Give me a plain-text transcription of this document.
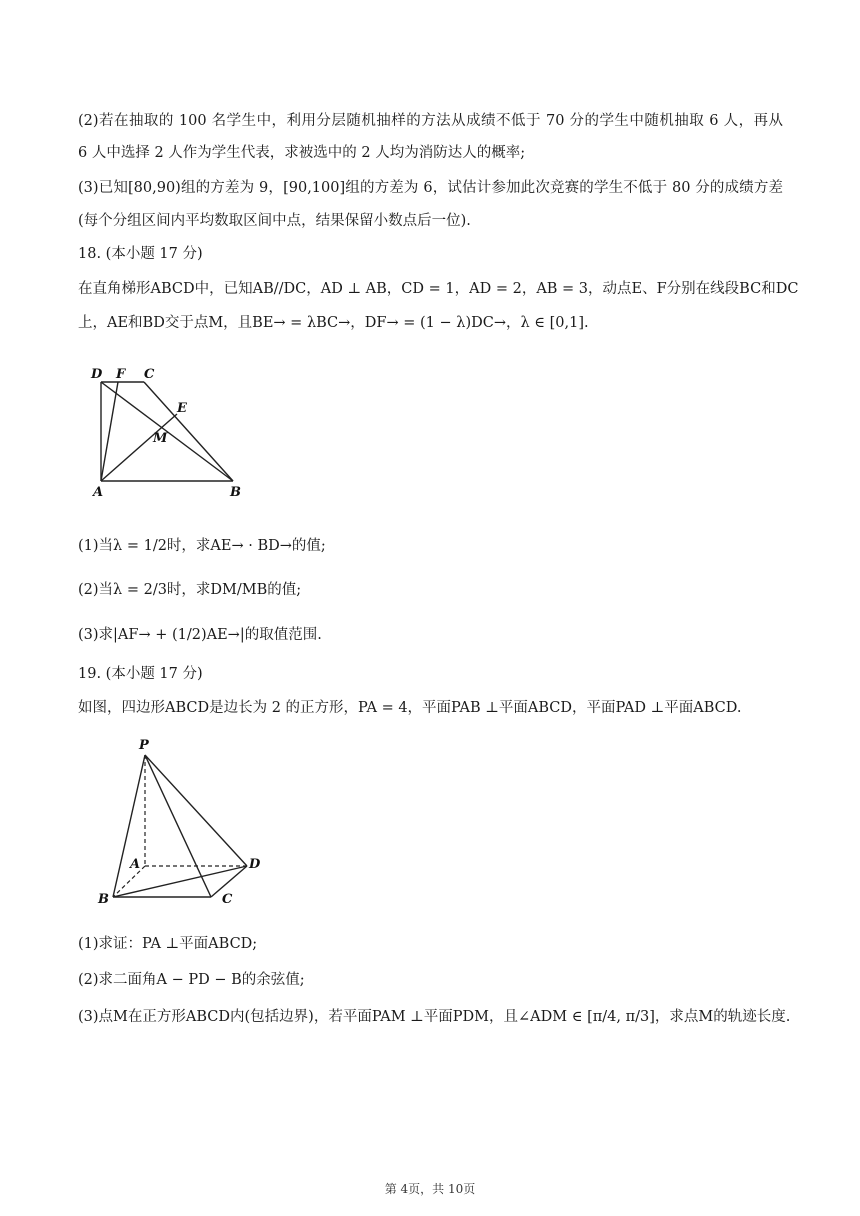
(2)若在抽取的 100 名学生中，利用分层随机抽样的方法从成绩不低于 70 分的学生中随机抽取 6 人，再从
6 人中选择 2 人作为学生代表，求被选中的 2 人均为消防达人的概率;
(3)已知[80,90)组的方差为 9，[90,100]组的方差为 6，试估计参加此次竞赛的学生不低于 80 分的成绩方差
(每个分组区间内平均数取区间中点，结果保留小数点后一位).
18. (本小题 17 分)
在直角梯形ABCD中，已知AB//DC，AD ⊥ AB，CD = 1，AD = 2，AB = 3，动点E、F分别在线段BC和DC
上，AE和BD交于点M，且BE→ = λBC→，DF→ = (1 − λ)DC→，λ ∈ [0,1].
D F C
E
M
A	B
(1)当λ = 1/2时，求AE→ · BD→的值;
(2)当λ = 2/3时，求DM/MB的值;
(3)求|AF→ + (1/2)AE→|的取值范围.
19. (本小题 17 分)
如图，四边形ABCD是边长为 2 的正方形，PA = 4，平面PAB ⊥平面ABCD，平面PAD ⊥平面ABCD.
P
A
B	C
D
(1)求证：PA ⊥平面ABCD;
(2)求二面角A − PD − B的余弦值;
(3)点M在正方形ABCD内(包括边界)，若平面PAM ⊥平面PDM，且∠ADM ∈ [π/4, π/3]，求点M的轨迹长度.
第 4页，共 10页
